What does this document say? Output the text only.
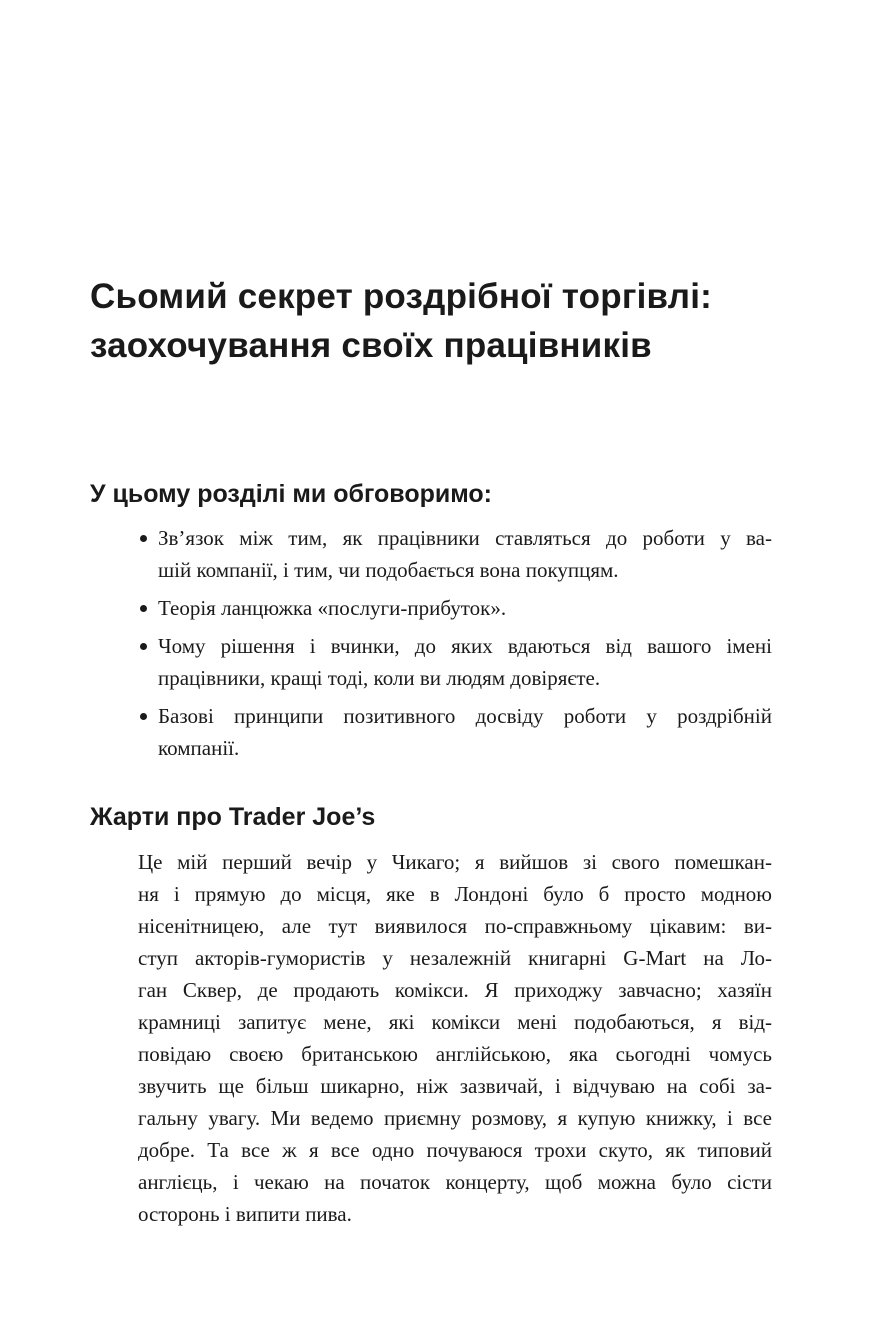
Сьомий секрет роздрібної торгівлі:
заохочування своїх працівників
У цьому розділі ми обговоримо:
Зв’язок між тим, як працівники ставляться до роботи у ва-
шій компанії, і тим, чи подобається вона покупцям.
Теорія ланцюжка «послуги-прибуток».
Чому рішення і вчинки, до яких вдаються від вашого імені
працівники, кращі тоді, коли ви людям довіряєте.
Базові принципи позитивного досвіду роботи у роздрібній
компанії.
Жарти про Trader Joe’s

Це мій перший вечір у Чикаго; я вийшов зі свого помешкан-
ня і прямую до місця, яке в Лондоні було б просто модною
нісенітницею, але тут виявилося по-справжньому цікавим: ви-
ступ акторів-гумористів у незалежній книгарні G-Mart на Ло-
ган Сквер, де продають комікси. Я приходжу завчасно; хазяїн
крамниці запитує мене, які комікси мені подобаються, я від-
повідаю своєю британською англійською, яка сьогодні чомусь
звучить ще більш шикарно, ніж зазвичай, і відчуваю на собі за-
гальну увагу. Ми ведемо приємну розмову, я купую книжку, і все
добре. Та все ж я все одно почуваюся трохи скуто, як типовий
англієць, і чекаю на початок концерту, щоб можна було сісти
осторонь і випити пива.
